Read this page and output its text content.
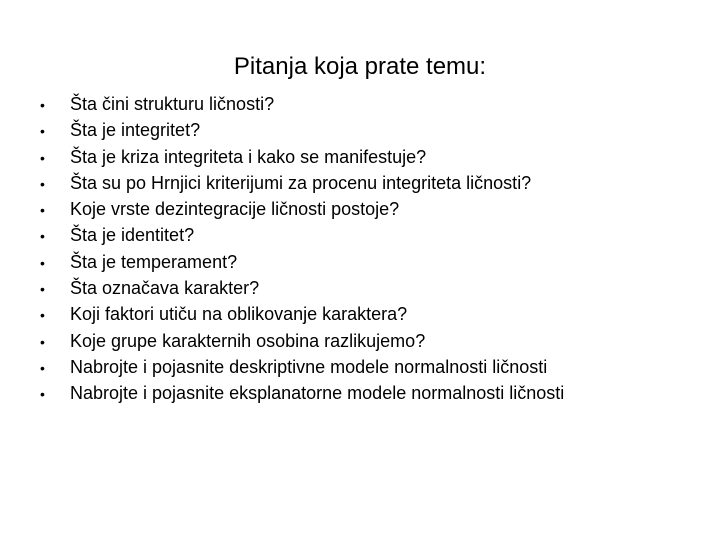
Pitanja koja prate temu:
•	Šta čini strukturu ličnosti?
•	Šta je integritet?
•	Šta je kriza integriteta i kako se manifestuje?
•	Šta su po Hrnjici kriterijumi za procenu integriteta ličnosti?
•	Koje vrste dezintegracije ličnosti postoje?
•	Šta je identitet?
•	Šta je temperament?
•	Šta označava karakter?
•	Koji faktori utiču na oblikovanje karaktera?
•	Koje grupe karakternih osobina razlikujemo?
•	Nabrojte i pojasnite deskriptivne modele normalnosti ličnosti
•	Nabrojte i pojasnite eksplanatorne modele normalnosti ličnosti
